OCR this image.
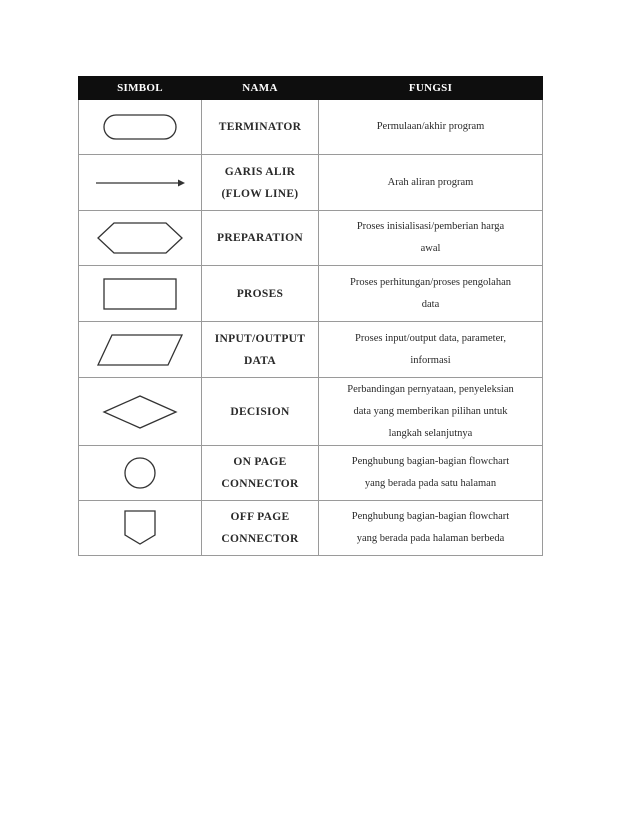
SIMBOL	NAMA	FUNGSI

TERMINATOR	Permulaan/akhir program

GARIS ALIR
(FLOW LINE)	Arah aliran program

PREPARATION	Proses inisialisasi/pemberian harga
awal

PROSES	Proses perhitungan/proses pengolahan
data

INPUT/OUTPUT
DATA	Proses input/output data, parameter,
informasi

DECISION	Perbandingan pernyataan, penyeleksian
data yang memberikan pilihan untuk
langkah selanjutnya

ON PAGE
CONNECTOR	Penghubung bagian-bagian flowchart
yang berada pada satu halaman

OFF PAGE
CONNECTOR	Penghubung bagian-bagian flowchart
yang berada pada halaman berbeda
